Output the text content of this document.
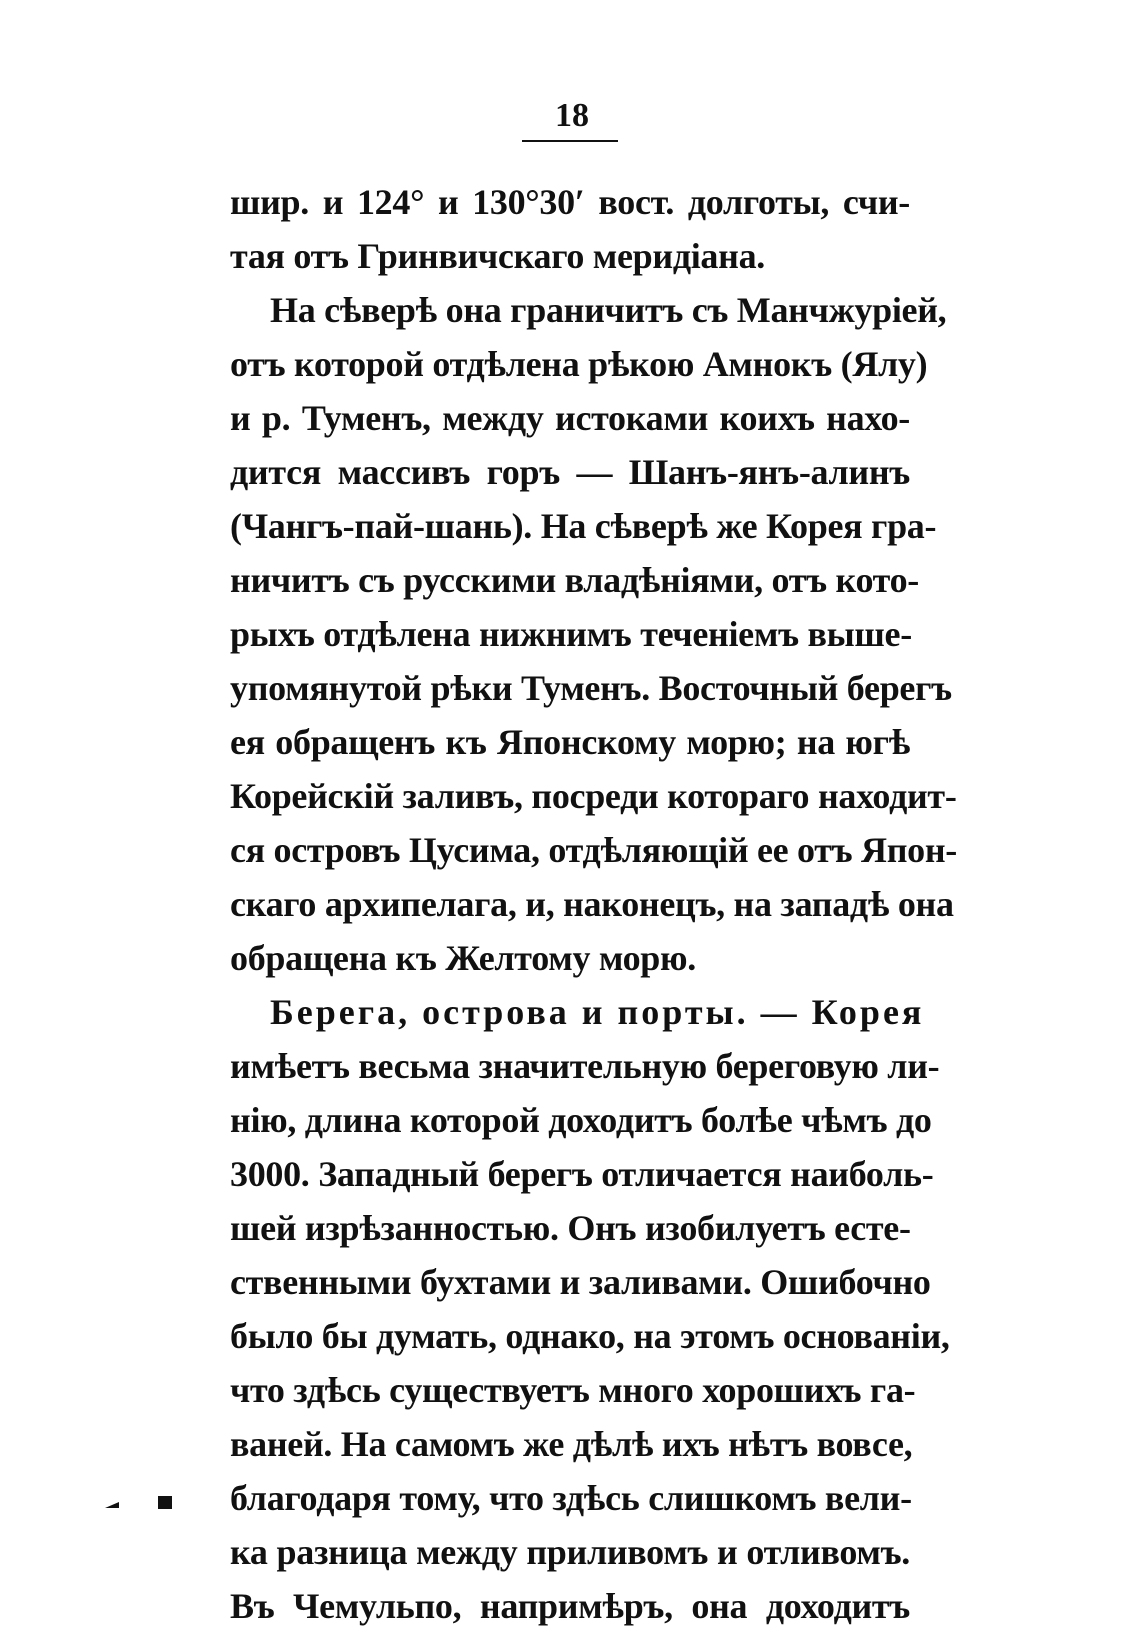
18
шир. и 124° и 130°30′ вост. долготы, счи-
тая отъ Гринвичскаго меридiана.
На сѣверѣ она граничитъ съ Манчжурiей,
отъ которой отдѣлена рѣкою Амнокъ (Ялу)
и р. Туменъ, между истоками коихъ нахо-
дится массивъ горъ — Шанъ-янъ-алинъ
(Чангъ-пай-шань). На сѣверѣ же Корея гра-
ничитъ съ русскими владѣнiями, отъ кото-
рыхъ отдѣлена нижнимъ теченiемъ выше-
упомянутой рѣки Туменъ. Восточный берегъ
ея обращенъ къ Японскому морю; на югѣ
Корейскiй заливъ, посреди котораго находит-
ся островъ Цусима, отдѣляющiй ее отъ Япон-
скаго архипелага, и, наконецъ, на западѣ она
обращена къ Желтому морю.
Берега, острова и порты. — Корея
имѣетъ весьма значительную береговую ли-
нiю, длина которой доходитъ болѣе чѣмъ до
3000. Западный берегъ отличается наиболь-
шей изрѣзанностью. Онъ изобилуетъ есте-
ственными бухтами и заливами. Ошибочно
было бы думать, однако, на этомъ основанiи,
что здѣсь существуетъ много хорошихъ га-
ваней. На самомъ же дѣлѣ ихъ нѣтъ вовсе,
благодаря тому, что здѣсь слишкомъ вели-
ка разница между приливомъ и отливомъ.
Въ Чемульпо, напримѣръ, она доходитъ
